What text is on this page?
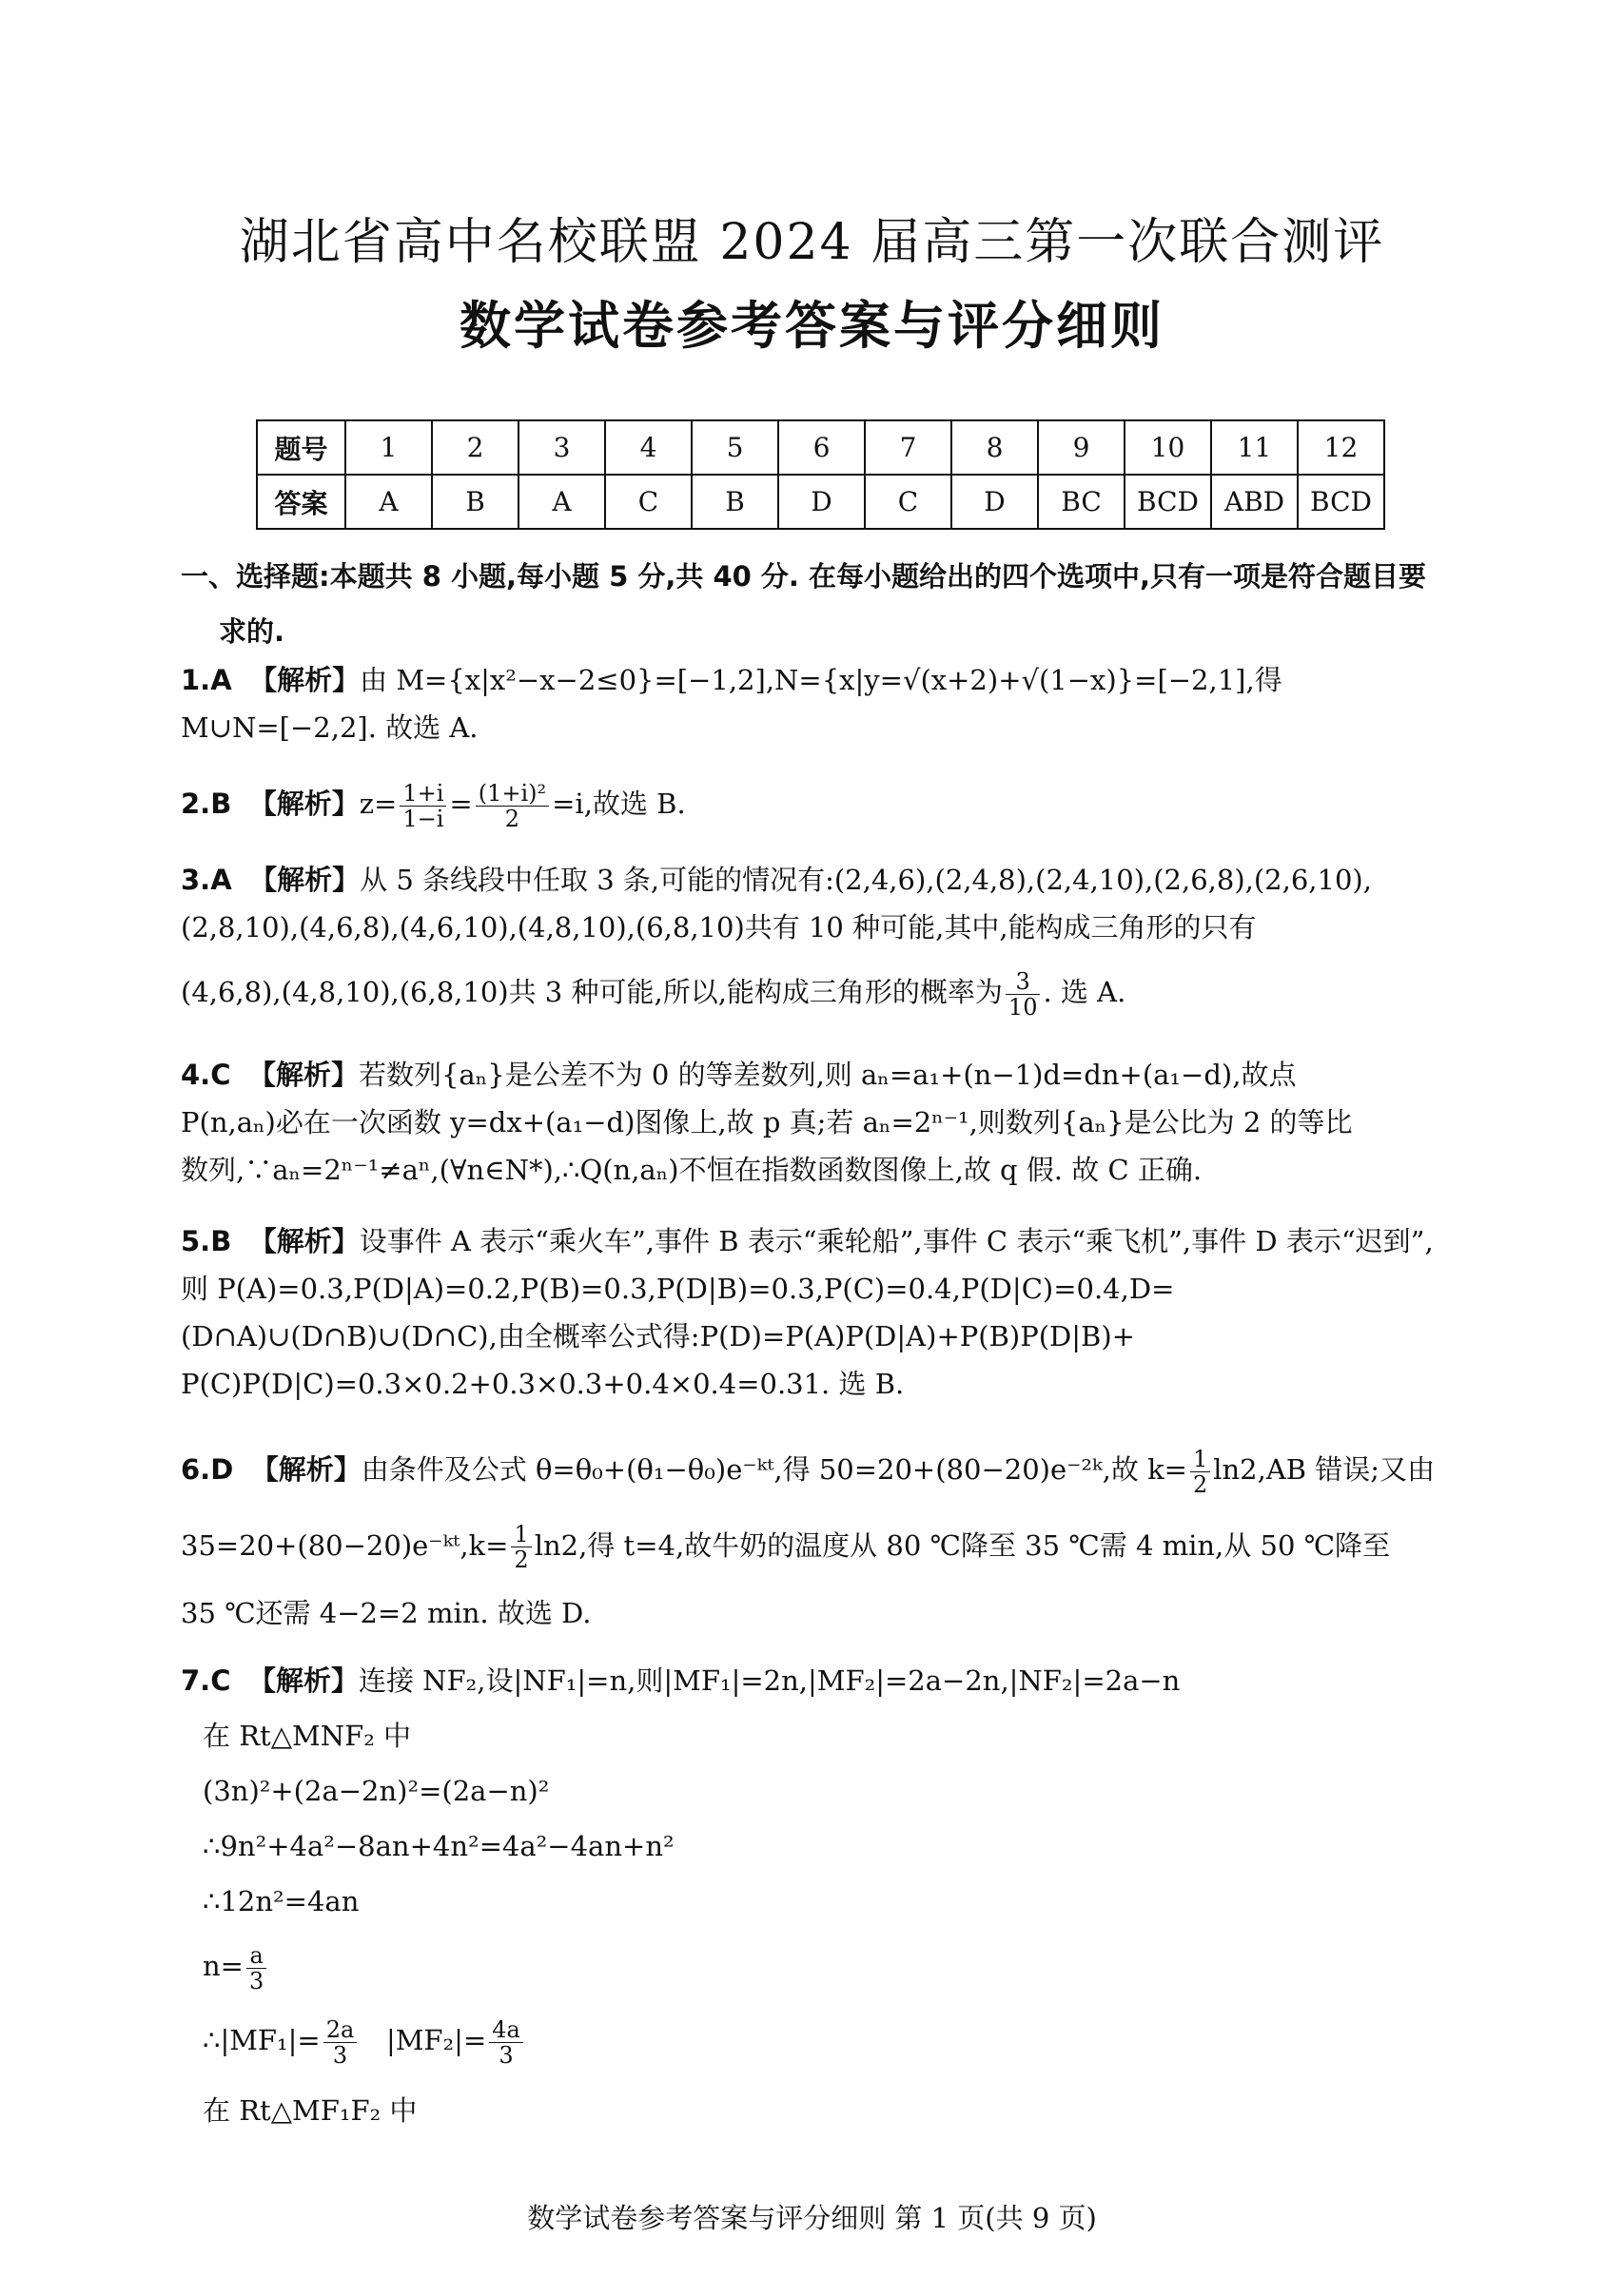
湖北省高中名校联盟 2024 届高三第一次联合测评
数学试卷参考答案与评分细则
题号	1	2	3	4	5	6	7	8	9	10	11	12
答案	A	B	A	C	B	D	C	D	BC	BCD	ABD	BCD
一、选择题:本题共 8 小题,每小题 5 分,共 40 分. 在每小题给出的四个选项中,只有一项是符合题目要
求的.
1.A 【解析】由 M={x|x²−x−2≤0}=[−1,2],N={x|y=√(x+2)+√(1−x)}=[−2,1],得
M∪N=[−2,2]. 故选 A.
2.B 【解析】$z= \frac{1+i}{1-i} = \frac{\text{(1+i)²}}{2} =i$,故选 B.
3.A 【解析】从 5 条线段中任取 3 条,可能的情况有:(2,4,6),(2,4,8),(2,4,10),(2,6,8),(2,6,10),
(2,8,10),(4,6,8),(4,6,10),(4,8,10),(6,8,10)共有 10 种可能,其中,能构成三角形的只有
(4,6,8),(4,8,10),(6,8,10)共 3 种可能,所以,能构成三角形的概率为 $\frac{3}{10}$ . 选 A.
4.C 【解析】若数列{aₙ}是公差不为 0 的等差数列,则 aₙ=a₁+(n−1)d=dn+(a₁−d),故点
P(n,aₙ)必在一次函数 y=dx+(a₁−d)图像上,故 p 真;若 aₙ=2ⁿ⁻¹,则数列{aₙ}是公比为 2 的等比
数列,∵aₙ=2ⁿ⁻¹≠aⁿ,(∀n∈N*),∴Q(n,aₙ)不恒在指数函数图像上,故 q 假. 故 C 正确.
5.B 【解析】设事件 A 表示“乘火车”,事件 B 表示“乘轮船”,事件 C 表示“乘飞机”,事件 D 表示“迟到”,
则 P(A)=0.3,P(D|A)=0.2,P(B)=0.3,P(D|B)=0.3,P(C)=0.4,P(D|C)=0.4,D=
(D∩A)∪(D∩B)∪(D∩C),由全概率公式得:P(D)=P(A)P(D|A)+P(B)P(D|B)+
P(C)P(D|C)=0.3×0.2+0.3×0.3+0.4×0.4=0.31. 选 B.
6.D 【解析】由条件及公式 θ=θ₀+(θ₁−θ₀)e⁻ᵏᵗ,得 50=20+(80−20)e⁻²ᵏ,故 $k= \frac{1}{2} \ln 2,AB$ 错误;又由
35=20+(80−20)e⁻ᵏᵗ,k= $\frac{1}{2} \ln 2$,得 t=4,故牛奶的温度从 80 ℃降至 35 ℃需 4 min,从 50 ℃降至
35 ℃还需 4−2=2 min. 故选 D.
7.C 【解析】连接 NF₂,设|NF₁|=n,则|MF₁|=2n,|MF₂|=2a−2n,|NF₂|=2a−n
在 Rt△MNF₂ 中
(3n)²+(2a−2n)²=(2a−n)²
∴9n²+4a²−8an+4n²=4a²−4an+n²
∴12n²=4an
$n= \frac{a}{3}$
∴|MF₁|= $\frac{2a}{3} |MF_2|= \frac{4a}{3}$
在 Rt△MF₁F₂ 中
数学试卷参考答案与评分细则 第 1 页(共 9 页)
